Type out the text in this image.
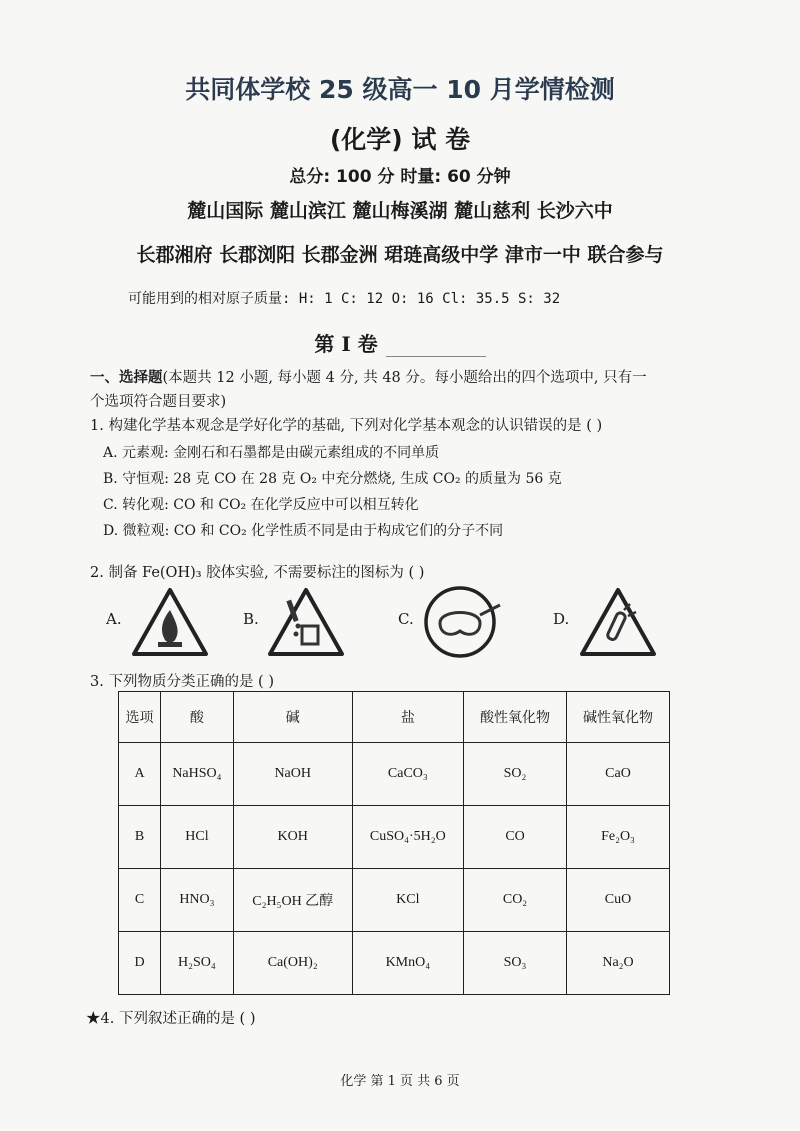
共同体学校 25 级高一 10 月学情检测
(化学) 试 卷
总分: 100 分 时量: 60 分钟
麓山国际 麓山滨江 麓山梅溪湖 麓山慈利 长沙六中
长郡湘府 长郡浏阳 长郡金洲 珺琏高级中学 津市一中 联合参与
可能用到的相对原子质量: H: 1 C: 12 O: 16 Cl: 35.5 S: 32
第 I 卷
一、选择题(本题共 12 小题, 每小题 4 分, 共 48 分。每小题给出的四个选项中, 只有一
个选项符合题目要求)
1. 构建化学基本观念是学好化学的基础, 下列对化学基本观念的认识错误的是 ( )
A. 元素观: 金刚石和石墨都是由碳元素组成的不同单质
B. 守恒观: 28 克 CO 在 28 克 O₂ 中充分燃烧, 生成 CO₂ 的质量为 56 克
C. 转化观: CO 和 CO₂ 在化学反应中可以相互转化
D. 微粒观: CO 和 CO₂ 化学性质不同是由于构成它们的分子不同
2. 制备 Fe(OH)₃ 胶体实验, 不需要标注的图标为 ( )
A.	B.	C.	D.
3. 下列物质分类正确的是 ( )
选项	酸	碱	盐	酸性氧化物	碱性氧化物
A	NaHSO₄	NaOH	CaCO₃	SO₂	CaO
B	HCl	KOH	CuSO₄·5H₂O	CO	Fe₂O₃
C	HNO₃	C₂H₅OH 乙醇	KCl	CO₂	CuO
D	H₂SO₄	Ca(OH)₂	KMnO₄	SO₃	Na₂O
★4. 下列叙述正确的是 ( )
化学 第 1 页 共 6 页
